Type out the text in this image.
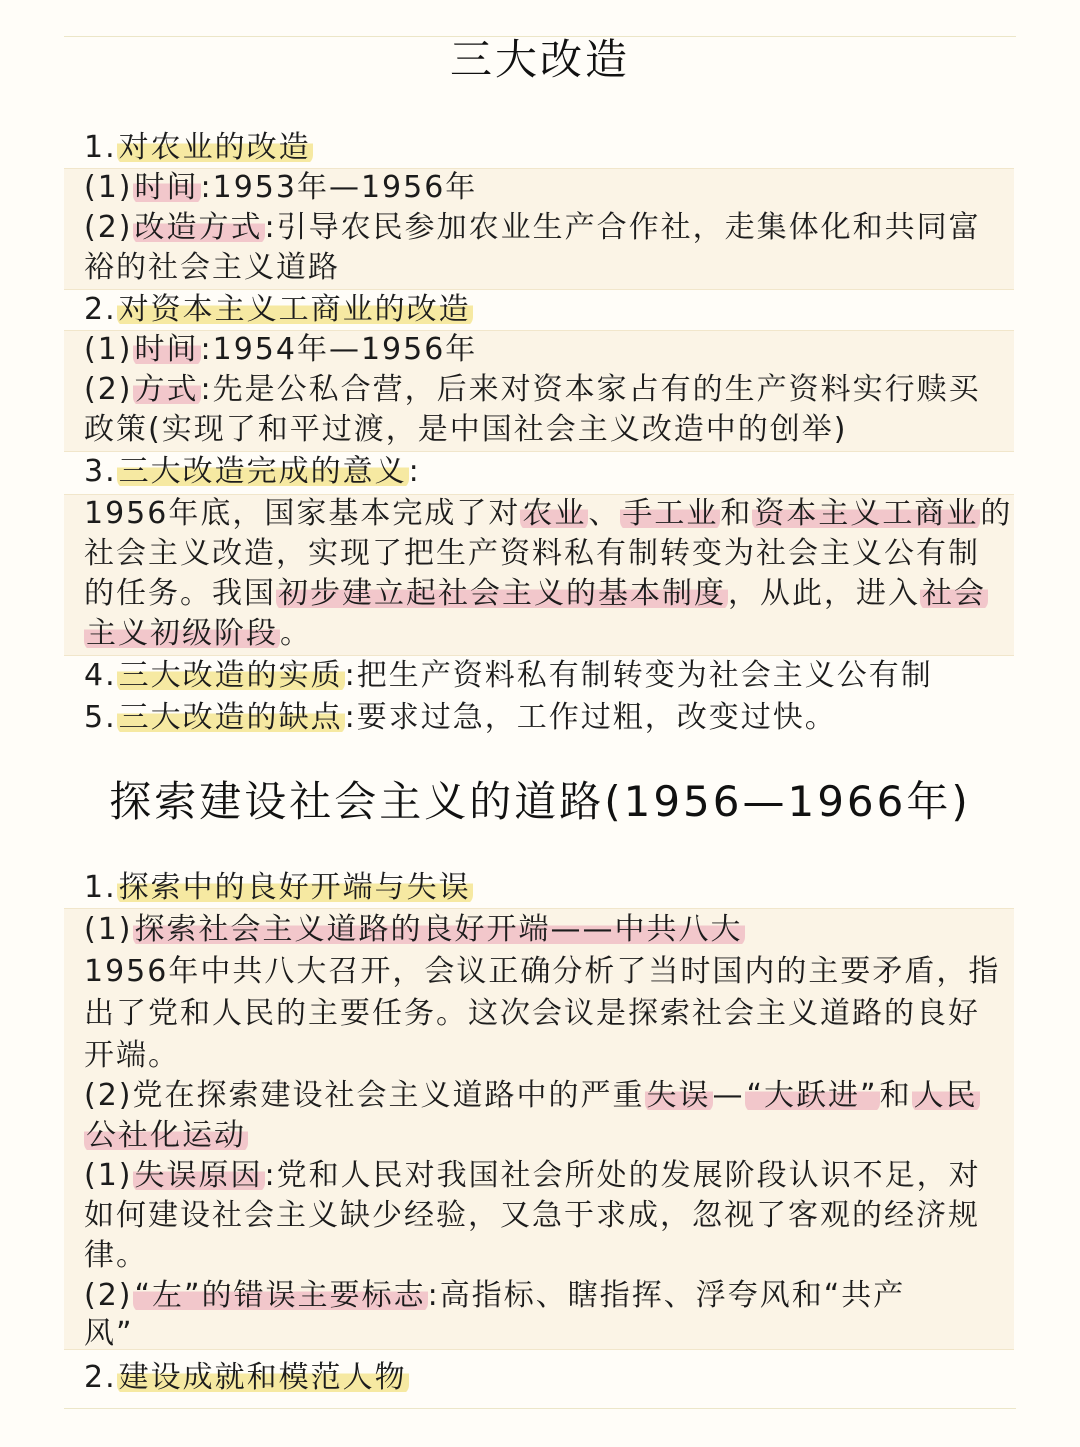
三大改造
1.对农业的改造
(1)时间:1953年—1956年
(2)改造方式:引导农民参加农业生产合作社，走集体化和共同富
裕的社会主义道路
2.对资本主义工商业的改造
(1)时间:1954年—1956年
(2)方式:先是公私合营，后来对资本家占有的生产资料实行赎买
政策(实现了和平过渡，是中国社会主义改造中的创举)
3.三大改造完成的意义:
1956年底，国家基本完成了对农业、手工业和资本主义工商业的
社会主义改造，实现了把生产资料私有制转变为社会主义公有制
的任务。我国初步建立起社会主义的基本制度，从此，进入社会
主义初级阶段。
4.三大改造的实质:把生产资料私有制转变为社会主义公有制
5.三大改造的缺点:要求过急，工作过粗，改变过快。
探索建设社会主义的道路(1956—1966年)
1.探索中的良好开端与失误
(1)探索社会主义道路的良好开端——中共八大
1956年中共八大召开，会议正确分析了当时国内的主要矛盾，指
出了党和人民的主要任务。这次会议是探索社会主义道路的良好
开端。
(2)党在探索建设社会主义道路中的严重失误—“大跃进”和人民
公社化运动
(1)失误原因:党和人民对我国社会所处的发展阶段认识不足，对
如何建设社会主义缺少经验，又急于求成，忽视了客观的经济规
律。
(2)“左”的错误主要标志:高指标、瞎指挥、浮夸风和“共产
风”
2.建设成就和模范人物
